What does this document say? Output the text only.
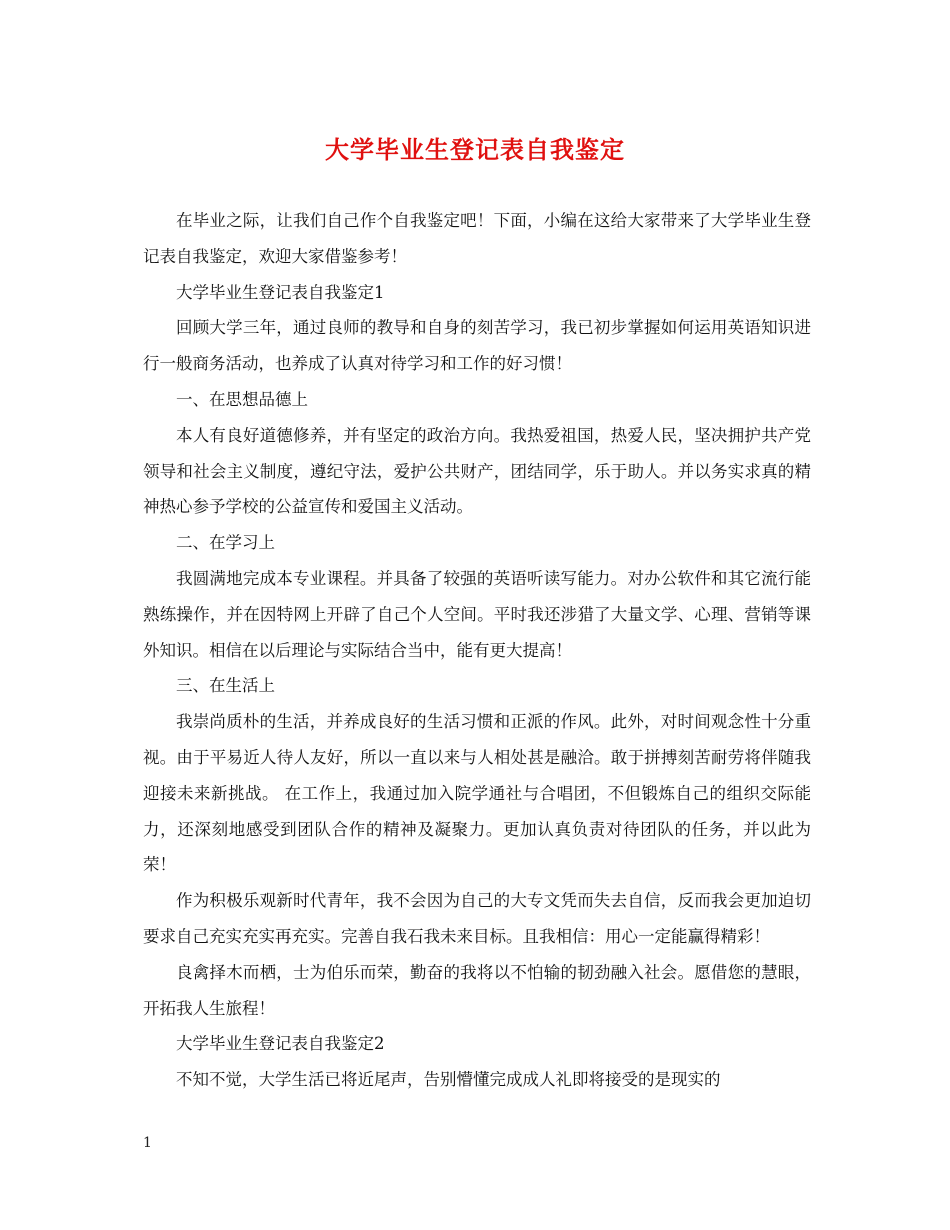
大学毕业生登记表自我鉴定

在毕业之际，让我们自己作个自我鉴定吧！下面，小编在这给大家带来了大学毕业生登记表自我鉴定，欢迎大家借鉴参考！

大学毕业生登记表自我鉴定1

回顾大学三年，通过良师的教导和自身的刻苦学习，我已初步掌握如何运用英语知识进行一般商务活动，也养成了认真对待学习和工作的好习惯！

一、在思想品德上

本人有良好道德修养，并有坚定的政治方向。我热爱祖国，热爱人民，坚决拥护共产党领导和社会主义制度，遵纪守法，爱护公共财产，团结同学，乐于助人。并以务实求真的精神热心参予学校的公益宣传和爱国主义活动。

二、在学习上

我圆满地完成本专业课程。并具备了较强的英语听读写能力。对办公软件和其它流行能熟练操作，并在因特网上开辟了自己个人空间。平时我还涉猎了大量文学、心理、营销等课外知识。相信在以后理论与实际结合当中，能有更大提高！

三、在生活上

我崇尚质朴的生活，并养成良好的生活习惯和正派的作风。此外，对时间观念性十分重视。由于平易近人待人友好，所以一直以来与人相处甚是融洽。敢于拼搏刻苦耐劳将伴随我迎接未来新挑战。 在工作上，我通过加入院学通社与合唱团，不但锻炼自己的组织交际能力，还深刻地感受到团队合作的精神及凝聚力。更加认真负责对待团队的任务，并以此为荣！

作为积极乐观新时代青年，我不会因为自己的大专文凭而失去自信，反而我会更加迫切要求自己充实充实再充实。完善自我石我未来目标。且我相信：用心一定能赢得精彩！

良禽择木而栖，士为伯乐而荣，勤奋的我将以不怕输的韧劲融入社会。愿借您的慧眼，开拓我人生旅程！

大学毕业生登记表自我鉴定2

不知不觉，大学生活已将近尾声，告别懵懂完成成人礼即将接受的是现实的

1
